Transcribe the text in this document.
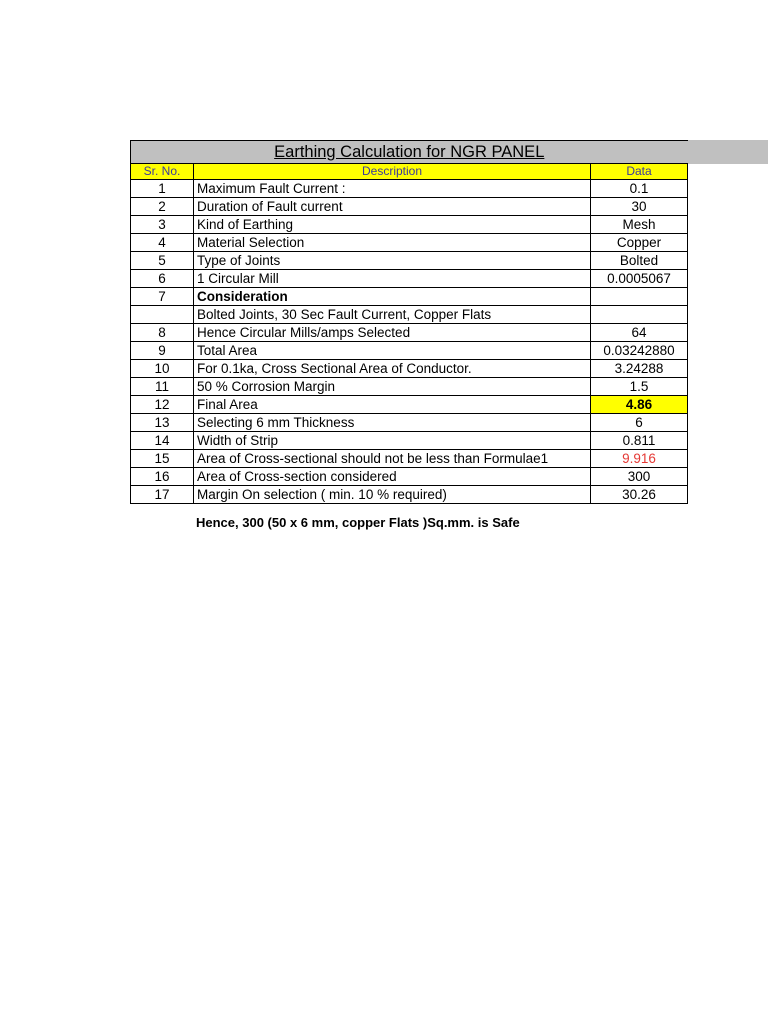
Earthing Calculation for NGR PANEL		
Sr. No.	Description	Data
1	Maximum Fault Current :	0.1
2	Duration of Fault current	30
3	Kind of Earthing	Mesh
4	Material Selection	Copper
5	Type of Joints	Bolted
6	1 Circular Mill	0.0005067
7	Consideration	
	Bolted Joints, 30 Sec Fault Current, Copper Flats	
8	Hence Circular Mills/amps Selected	64
9	Total Area	0.03242880
10	For 0.1ka, Cross Sectional Area of Conductor.	3.24288
11	50 % Corrosion Margin	1.5
12	Final Area	4.86
13	Selecting 6 mm Thickness	6
14	Width of Strip	0.811
15	Area of Cross-sectional should not be less than Formulae1	9.916
16	Area of Cross-section considered	300
17	Margin On selection ( min. 10 % required)	30.26
Hence, 300 (50 x 6 mm, copper Flats )Sq.mm. is Safe
